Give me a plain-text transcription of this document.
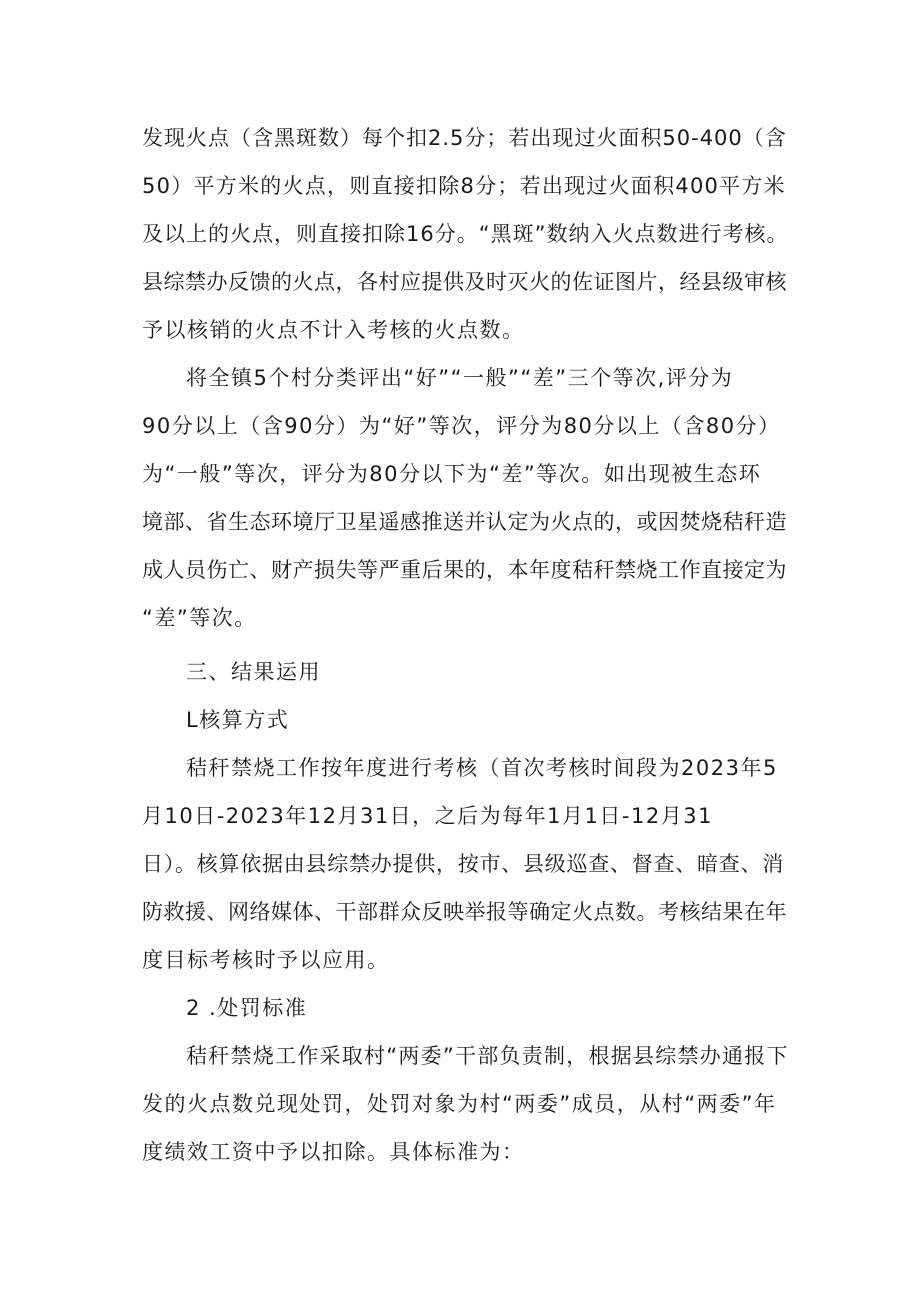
发现火点（含黑斑数）每个扣2.5分；若出现过火面积50-400（含
50）平方米的火点，则直接扣除8分；若出现过火面积400平方米
及以上的火点，则直接扣除16分。“黑斑”数纳入火点数进行考核。
县综禁办反馈的火点，各村应提供及时灭火的佐证图片，经县级审核
予以核销的火点不计入考核的火点数。
将全镇5个村分类评出“好”“一般”“差”三个等次,评分为
90分以上（含90分）为“好”等次，评分为80分以上（含80分）
为“一般”等次，评分为80分以下为“差”等次。如出现被生态环
境部、省生态环境厅卫星遥感推送并认定为火点的，或因焚烧秸秆造
成人员伤亡、财产损失等严重后果的，本年度秸秆禁烧工作直接定为
“差”等次。
三、结果运用
L核算方式
秸秆禁烧工作按年度进行考核（首次考核时间段为2023年5
月10日-2023年12月31日，之后为每年1月1日-12月31
日）。核算依据由县综禁办提供，按市、县级巡查、督查、暗查、消
防救援、网络媒体、干部群众反映举报等确定火点数。考核结果在年
度目标考核时予以应用。
2 .处罚标准
秸秆禁烧工作采取村“两委”干部负责制，根据县综禁办通报下
发的火点数兑现处罚，处罚对象为村“两委”成员，从村“两委”年
度绩效工资中予以扣除。具体标准为：
